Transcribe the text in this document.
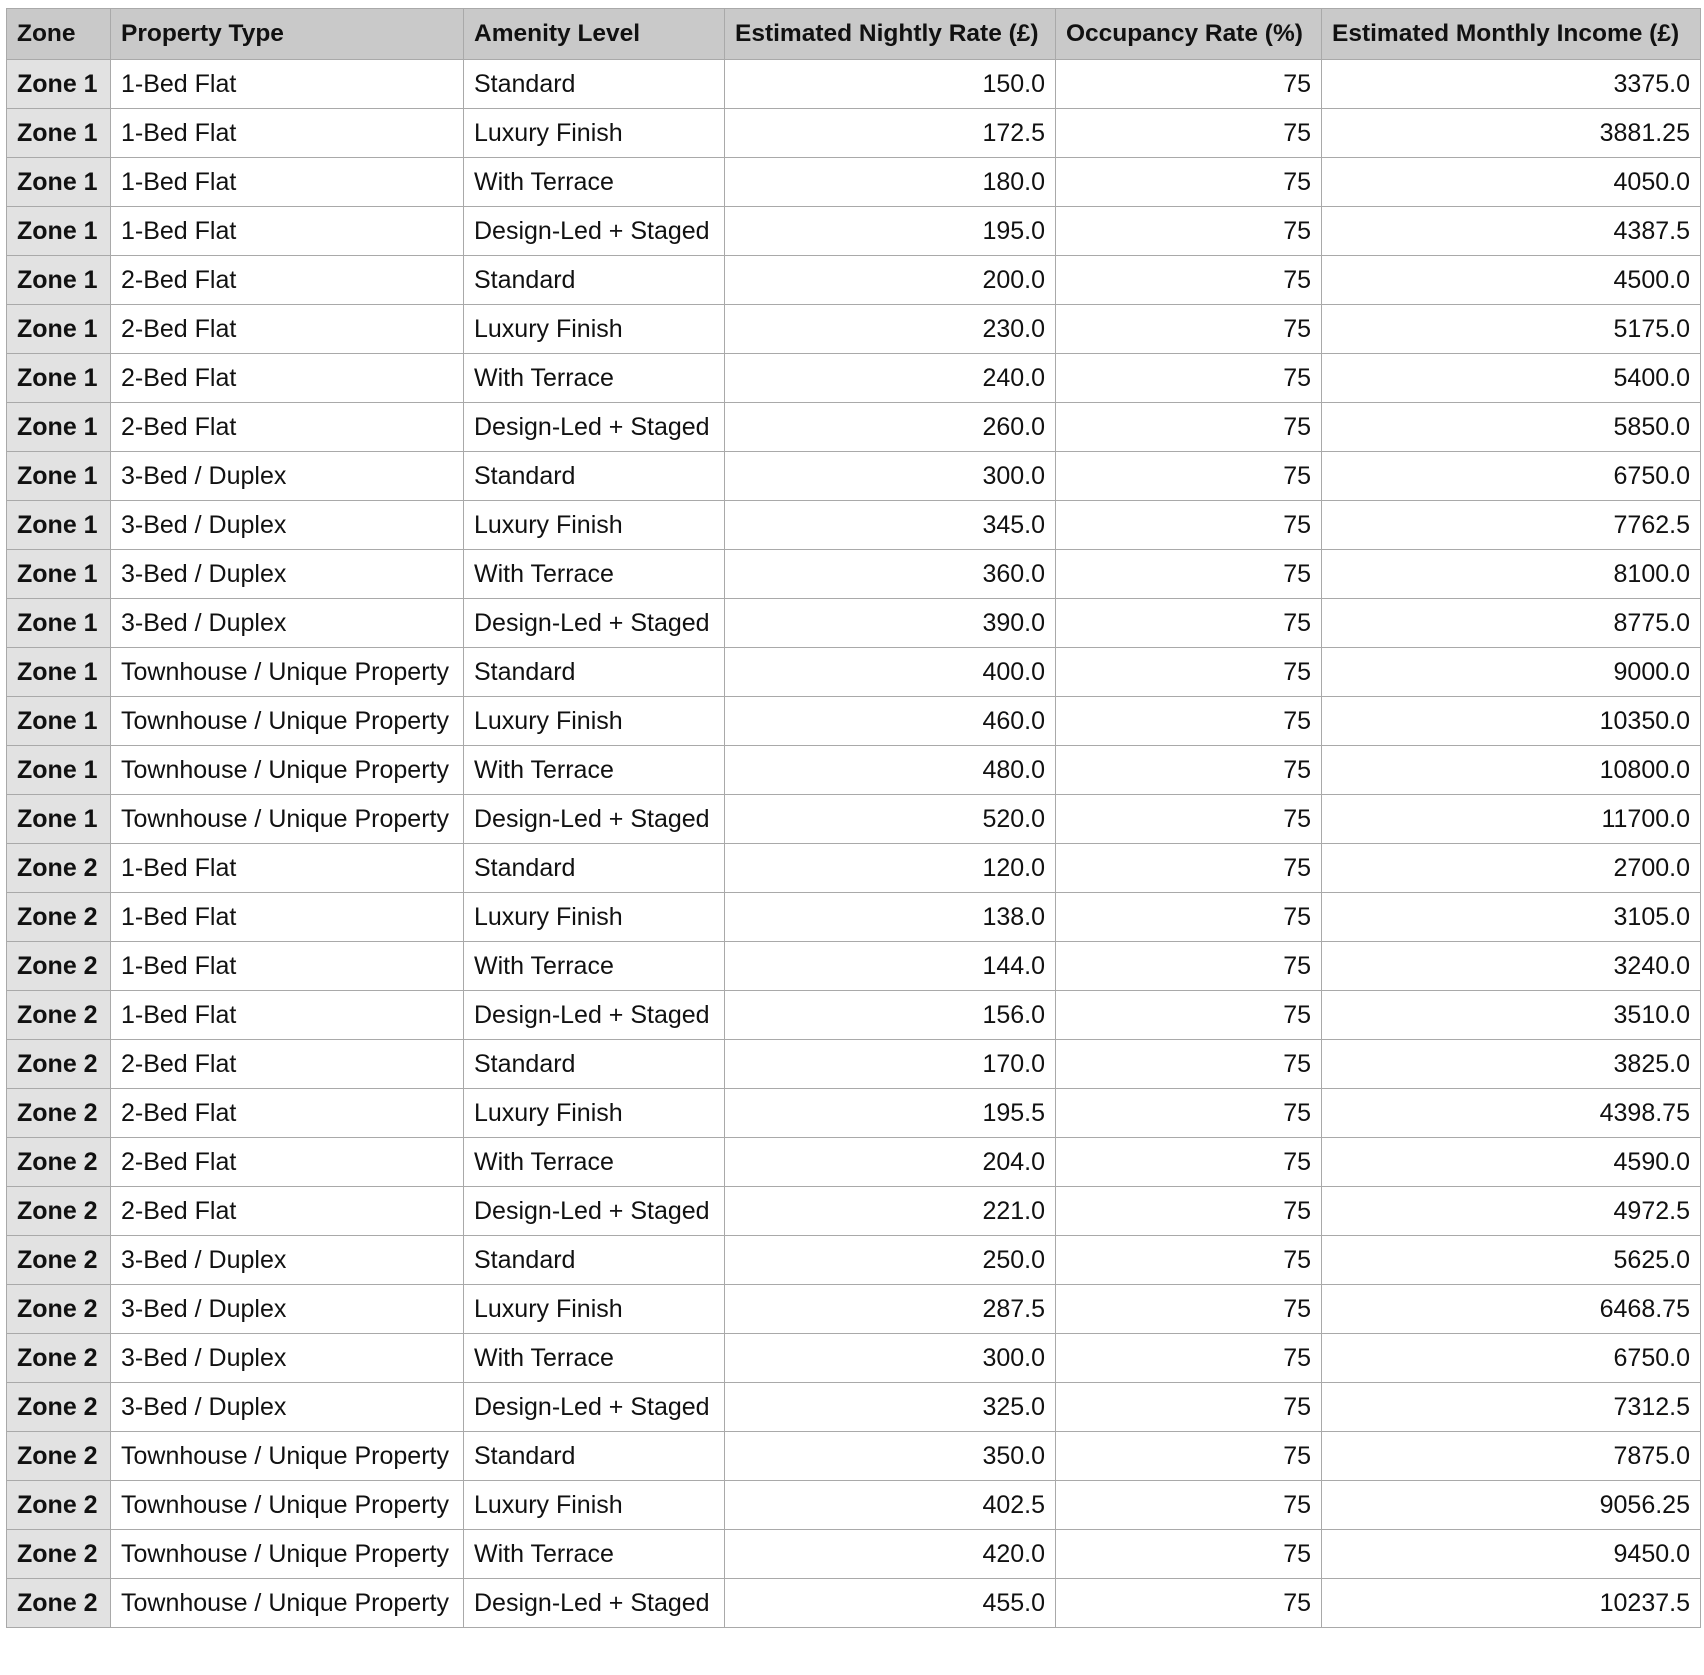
Zone	Property Type	Amenity Level	Estimated Nightly Rate (£)	Occupancy Rate (%)	Estimated Monthly Income (£)
Zone 1	1-Bed Flat	Standard	150.0	75	3375.0
Zone 1	1-Bed Flat	Luxury Finish	172.5	75	3881.25
Zone 1	1-Bed Flat	With Terrace	180.0	75	4050.0
Zone 1	1-Bed Flat	Design-Led + Staged	195.0	75	4387.5
Zone 1	2-Bed Flat	Standard	200.0	75	4500.0
Zone 1	2-Bed Flat	Luxury Finish	230.0	75	5175.0
Zone 1	2-Bed Flat	With Terrace	240.0	75	5400.0
Zone 1	2-Bed Flat	Design-Led + Staged	260.0	75	5850.0
Zone 1	3-Bed / Duplex	Standard	300.0	75	6750.0
Zone 1	3-Bed / Duplex	Luxury Finish	345.0	75	7762.5
Zone 1	3-Bed / Duplex	With Terrace	360.0	75	8100.0
Zone 1	3-Bed / Duplex	Design-Led + Staged	390.0	75	8775.0
Zone 1	Townhouse / Unique Property	Standard	400.0	75	9000.0
Zone 1	Townhouse / Unique Property	Luxury Finish	460.0	75	10350.0
Zone 1	Townhouse / Unique Property	With Terrace	480.0	75	10800.0
Zone 1	Townhouse / Unique Property	Design-Led + Staged	520.0	75	11700.0
Zone 2	1-Bed Flat	Standard	120.0	75	2700.0
Zone 2	1-Bed Flat	Luxury Finish	138.0	75	3105.0
Zone 2	1-Bed Flat	With Terrace	144.0	75	3240.0
Zone 2	1-Bed Flat	Design-Led + Staged	156.0	75	3510.0
Zone 2	2-Bed Flat	Standard	170.0	75	3825.0
Zone 2	2-Bed Flat	Luxury Finish	195.5	75	4398.75
Zone 2	2-Bed Flat	With Terrace	204.0	75	4590.0
Zone 2	2-Bed Flat	Design-Led + Staged	221.0	75	4972.5
Zone 2	3-Bed / Duplex	Standard	250.0	75	5625.0
Zone 2	3-Bed / Duplex	Luxury Finish	287.5	75	6468.75
Zone 2	3-Bed / Duplex	With Terrace	300.0	75	6750.0
Zone 2	3-Bed / Duplex	Design-Led + Staged	325.0	75	7312.5
Zone 2	Townhouse / Unique Property	Standard	350.0	75	7875.0
Zone 2	Townhouse / Unique Property	Luxury Finish	402.5	75	9056.25
Zone 2	Townhouse / Unique Property	With Terrace	420.0	75	9450.0
Zone 2	Townhouse / Unique Property	Design-Led + Staged	455.0	75	10237.5
